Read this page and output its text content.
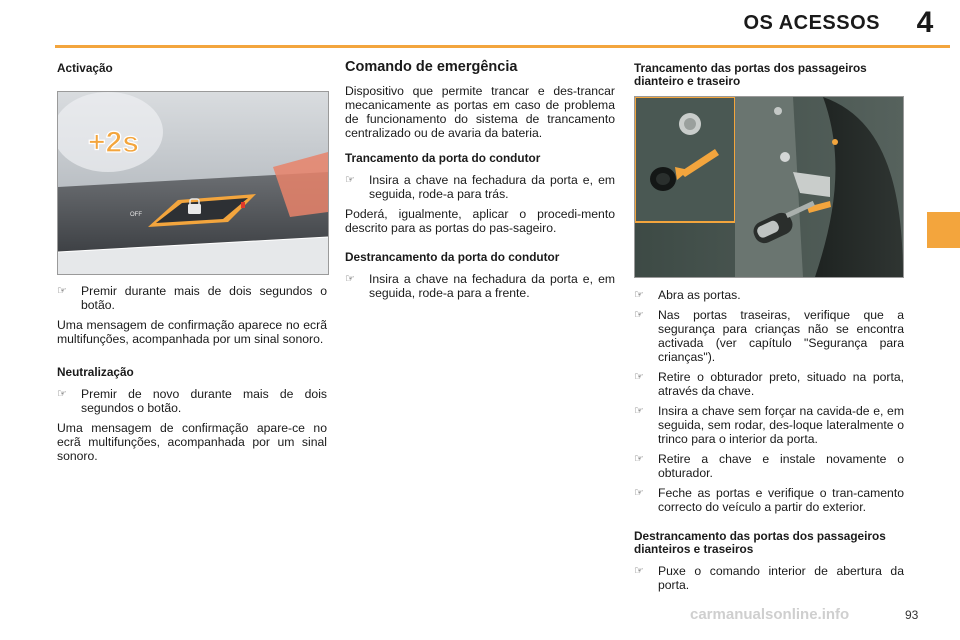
OS ACESSOS	4
Activação
OFF
+2s
☞ Premir durante mais de dois segundos o botão.

Uma mensagem de confirmação aparece no ecrã multifunções, acompanhada por um sinal sonoro.

Neutralização
☞ Premir de novo durante mais de dois segundos o botão.

Uma mensagem de confirmação apare-ce no ecrã multifunções, acompanhada por um sinal sonoro.

Comando de emergência

Dispositivo que permite trancar e des-trancar mecanicamente as portas em caso de problema de funcionamento do sistema de trancamento centralizado ou de avaria da bateria.

Trancamento da porta do condutor
☞ Insira a chave na fechadura da porta e, em seguida, rode-a para trás.

Poderá, igualmente, aplicar o procedi-mento descrito para as portas do pas-sageiro.

Destrancamento da porta do condutor
☞ Insira a chave na fechadura da porta e, em seguida, rode-a para a frente.
Trancamento das portas dos passageiros dianteiro e traseiro
☞ Abra as portas.
☞ Nas portas traseiras, verifique que a segurança para crianças não se encontra activada (ver capítulo "Segurança para crianças").
☞ Retire o obturador preto, situado na porta, através da chave.
☞ Insira a chave sem forçar na cavida-de e, em seguida, sem rodar, des-loque lateralmente o trinco para o interior da porta.
☞ Retire a chave e instale novamente o obturador.
☞ Feche as portas e verifique o tran-camento correcto do veículo a partir do exterior.
Destrancamento das portas dos passageiros dianteiros e traseiros
☞ Puxe o comando interior de abertura da porta.
carmanualsonline.info	93
